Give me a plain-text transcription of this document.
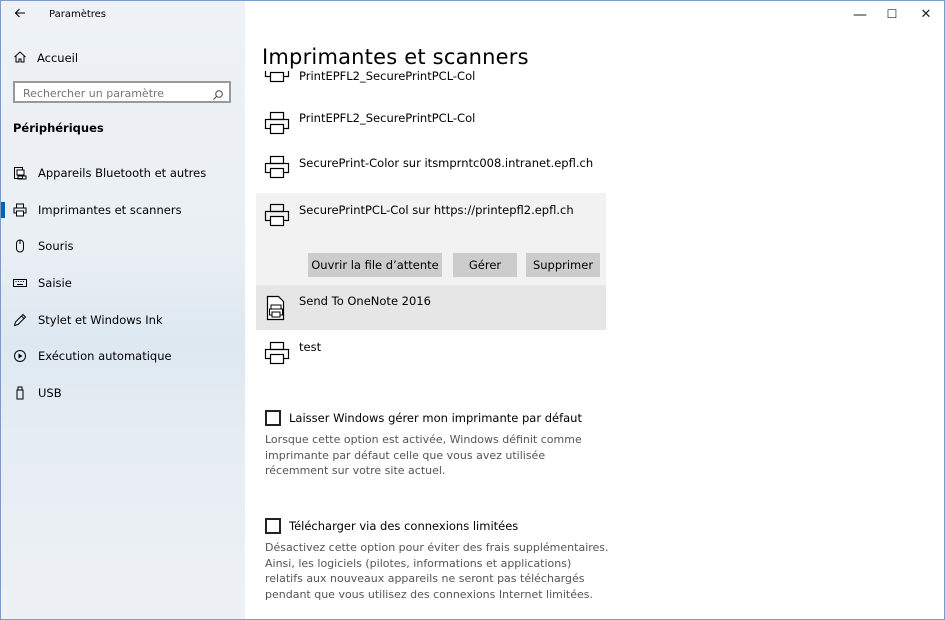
Paramètres
Accueil
Rechercher un paramètre
Périphériques
Appareils Bluetooth et autres
Imprimantes et scanners
Souris
Saisie
Stylet et Windows Ink
Exécution automatique
USB
—	☐	✕
Imprimantes et scanners
PrintEPFL2_SecurePrintPCL-Col
PrintEPFL2_SecurePrintPCL-Col
SecurePrint-Color sur itsmprntc008.intranet.epfl.ch
SecurePrintPCL-Col sur https://printepfl2.epfl.ch
Send To OneNote 2016
test
Ouvrir la file d’attente	Gérer	Supprimer
Laisser Windows gérer mon imprimante par défaut
Lorsque cette option est activée, Windows définit comme imprimante par défaut celle que vous avez utilisée récemment sur votre site actuel.
Télécharger via des connexions limitées
Désactivez cette option pour éviter des frais supplémentaires. Ainsi, les logiciels (pilotes, informations et applications) relatifs aux nouveaux appareils ne seront pas téléchargés pendant que vous utilisez des connexions Internet limitées.
